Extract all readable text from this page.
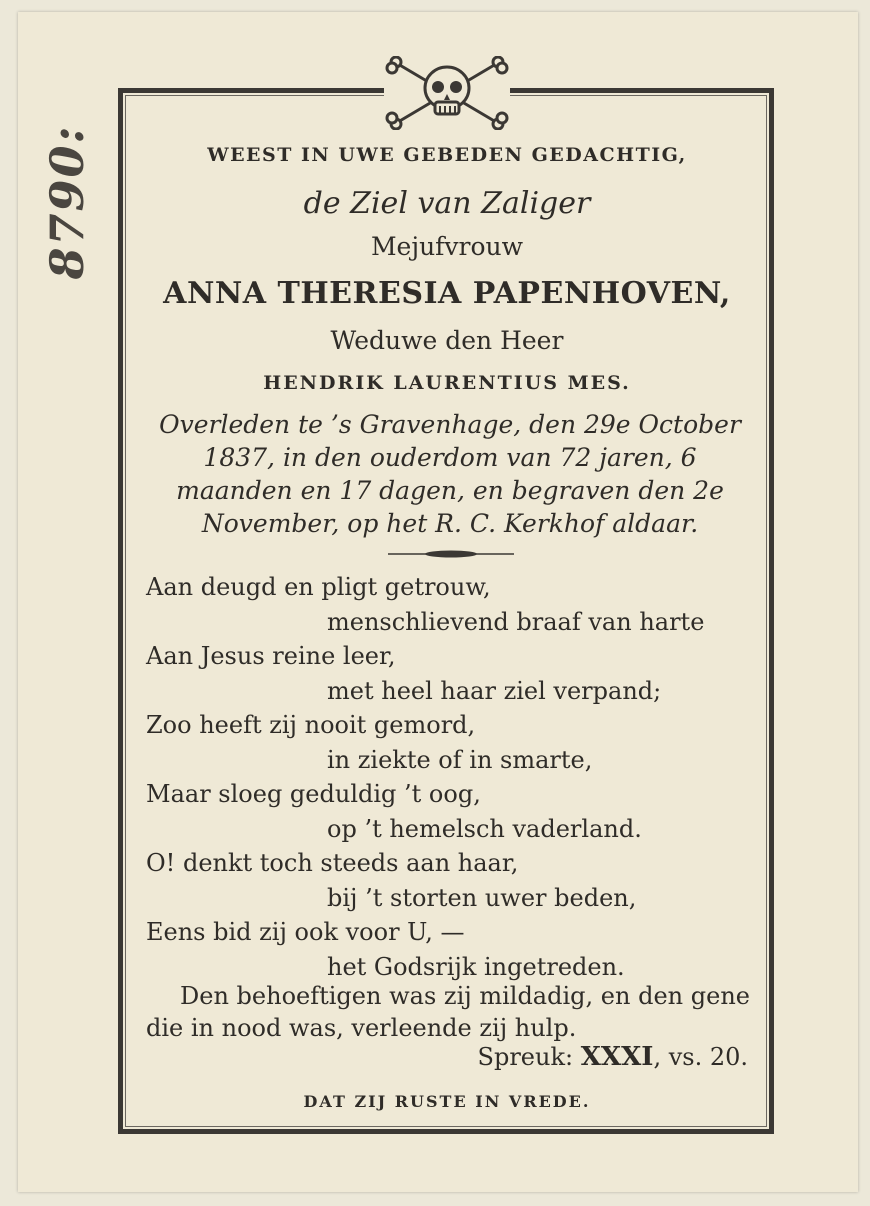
8790:	WEEST IN UWE GEBEDEN GEDACHTIG,
de Ziel van Zaliger
Mejufvrouw
ANNA THERESIA PAPENHOVEN,
Weduwe den Heer
HENDRIK LAURENTIUS MES.
Overleden te ’s Gravenhage, den 29e October
1837, in den ouderdom van 72 jaren, 6
maanden en 17 dagen, en begraven den 2e
November, op het R. C. Kerkhof aldaar.
Aan deugd en pligt getrouw,
menschlievend braaf van harte
Aan Jesus reine leer,
met heel haar ziel verpand;
Zoo heeft zij nooit gemord,
in ziekte of in smarte,
Maar sloeg geduldig ’t oog,
op ’t hemelsch vaderland.
O! denkt toch steeds aan haar,
bij ’t storten uwer beden,
Eens bid zij ook voor U, —
het Godsrijk ingetreden.
Den behoeftigen was zij mildadig, en den gene die in nood was, verleende zij hulp.
Spreuk: XXXI, vs. 20.
DAT ZIJ RUSTE IN VREDE.
